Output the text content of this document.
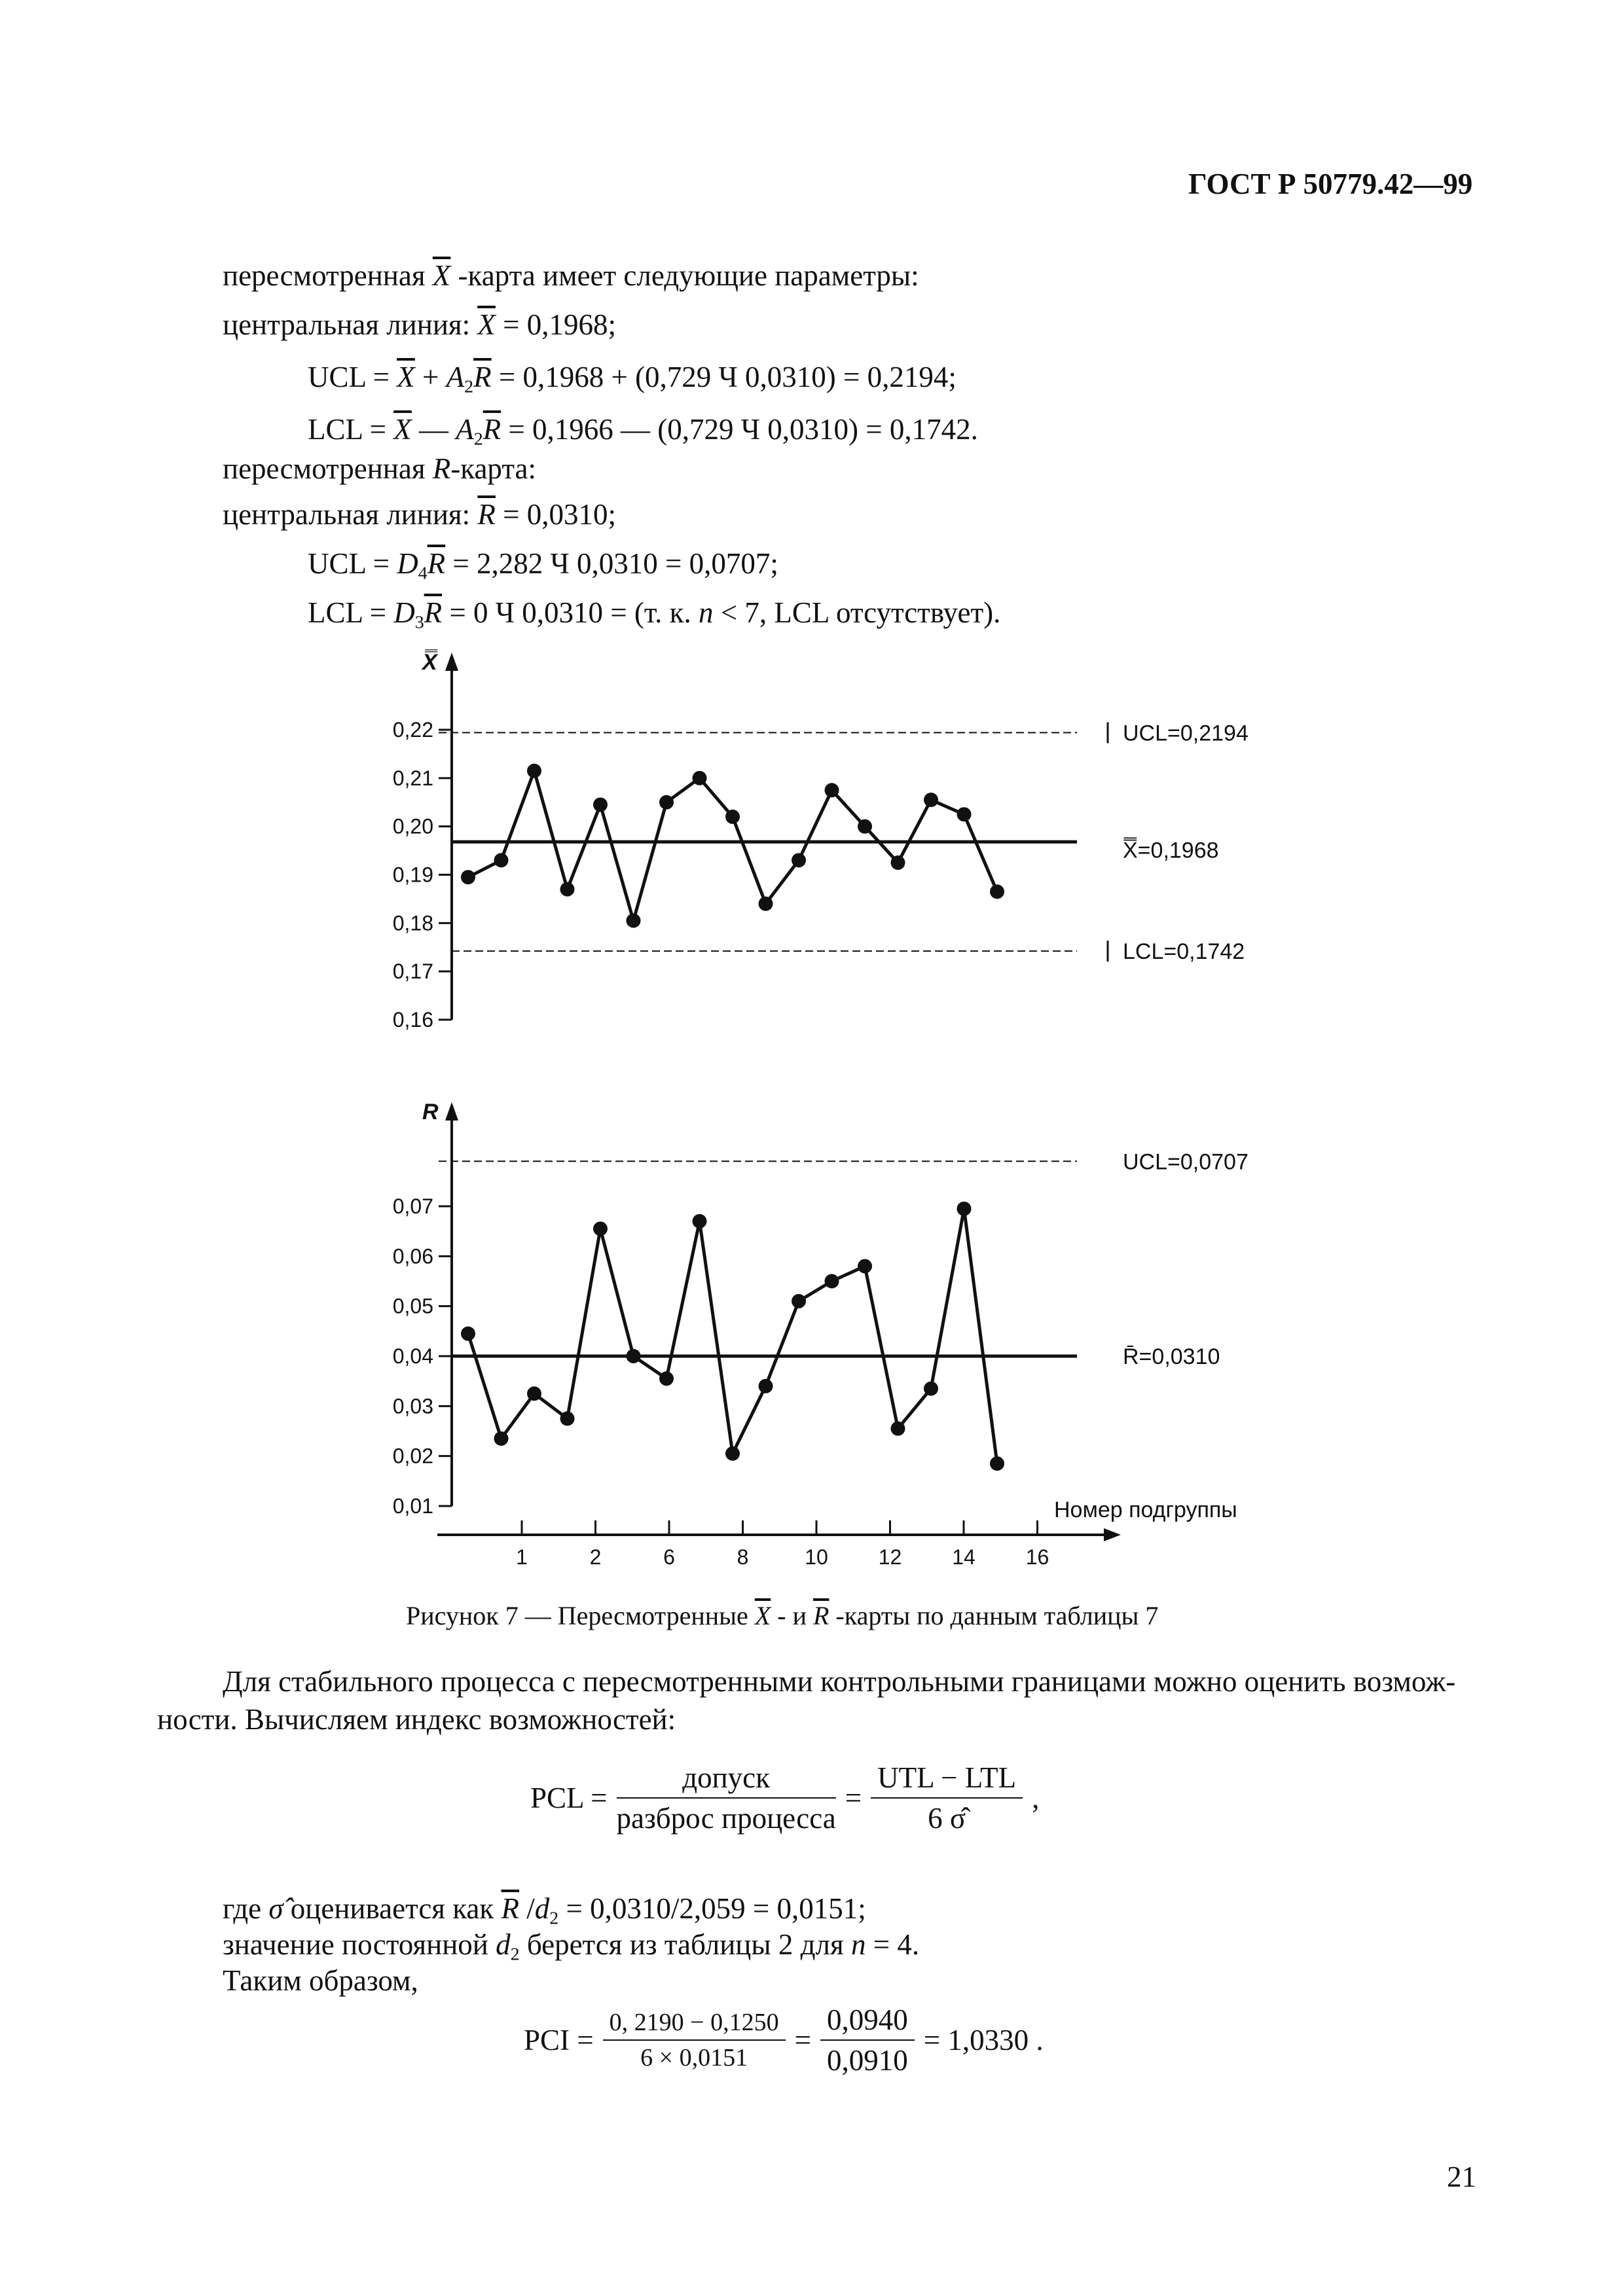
ГОСТ Р 50779.42—99
пересмотренная $\overline{X}$ -карта имеет следующие параметры:
центральная линия: $\overline{X} = 0,1968$;
UCL = $\overline{X} + A_2\overline{R} = 0,1968 + (0,729$ Ч 0,0310) = 0,2194;
LCL = $\overline{X}$ — $A_2\overline{R} = 0,1966$ — (0,729 Ч 0,0310) = 0,1742.
пересмотренная R-карта:
центральная линия: $\overline{R} = 0,0310$;
UCL = $D_4\overline{R} = 2,282$ Ч 0,0310 = 0,0707;
LCL = $D_3\overline{R} = 0$ Ч 0,0310 = (т. к. n < 7, LCL отсутствует).
X̿
0,22
0,21
0,20
0,19
0,18
0,17
0,16
UCL=0,2194
LCL=0,1742
X̿=0,1968
R
0,07
0,06
0,05
0,04
0,03
0,02
0,01
UCL=0,0707
R̄=0,0310
1	2	6	8	10 12 14 16
Номер подгруппы
Рисунок 7 — Пересмотренные $\overline{X}$ - и $\overline{R}$ -карты по данным таблицы 7
Для стабильного процесса с пересмотренными контрольными границами можно оценить возмож-
ности. Вычисляем индекс возможностей:
PCL = $\frac{\text{допуск}}{\text{разброс процесса}} = \frac{\text{UTL − LTL}}{6 \sigmâ}$ ,
где σ̂ оценивается как $\overline{R}$ $/d_2 = 0,0310/2,059 = 0,0151$;
значение постоянной $d_2$ берется из таблицы 2 для n = 4.
Таким образом,
PCI = $\frac{0, 2190 - 0,1250}{6 \times 0,0151} = \frac{0,0940}{0,0910} = 1,0330$ .
21
